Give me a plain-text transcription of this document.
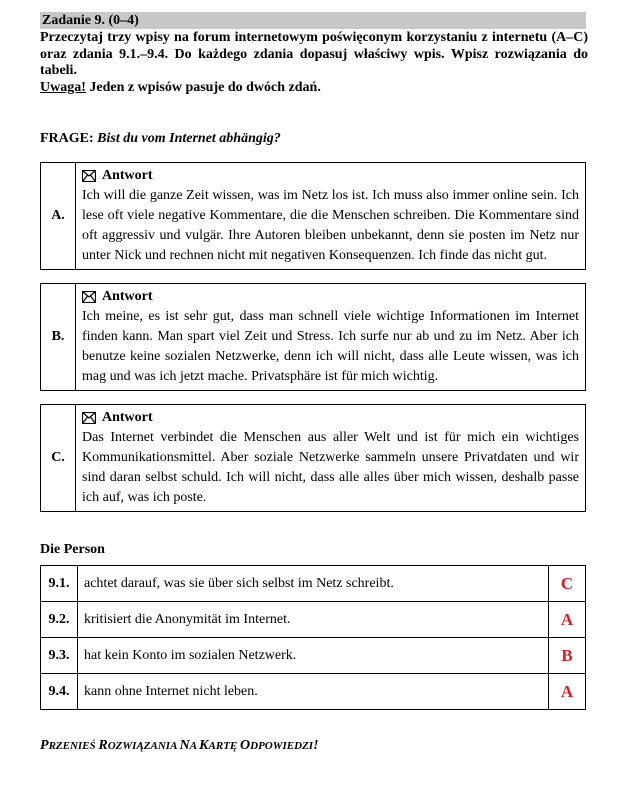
Zadanie 9. (0–4)

Przeczytaj trzy wpisy na forum internetowym poświęconym korzystaniu z internetu (A–C) oraz zdania 9.1.–9.4. Do każdego zdania dopasuj właściwy wpis. Wpisz rozwiązania do tabeli.

Uwaga! Jeden z wpisów pasuje do dwóch zdań.

FRAGE: Bist du vom Internet abhängig?
A.	
Antwort
Ich will die ganze Zeit wissen, was im Netz los ist. Ich muss also immer online sein. Ich lese oft viele negative Kommentare, die die Menschen schreiben. Die Kommentare sind oft aggressiv und vulgär. Ihre Autoren bleiben unbekannt, denn sie posten im Netz nur unter Nick und rechnen nicht mit negativen Konsequenzen. Ich finde das nicht gut.
B.	
Antwort
Ich meine, es ist sehr gut, dass man schnell viele wichtige Informationen im Internet finden kann. Man spart viel Zeit und Stress. Ich surfe nur ab und zu im Netz. Aber ich benutze keine sozialen Netzwerke, denn ich will nicht, dass alle Leute wissen, was ich mag und was ich jetzt mache. Privatsphäre ist für mich wichtig.
C.	
Antwort
Das Internet verbindet die Menschen aus aller Welt und ist für mich ein wichtiges Kommunikationsmittel. Aber soziale Netzwerke sammeln unsere Privatdaten und wir sind daran selbst schuld. Ich will nicht, dass alle alles über mich wissen, deshalb passe ich auf, was ich poste.
Die Person
9.1.	achtet darauf, was sie über sich selbst im Netz schreibt.	C
9.2.	kritisiert die Anonymität im Internet.	A
9.3.	hat kein Konto im sozialen Netzwerk.	B
9.4.	kann ohne Internet nicht leben.	A
PRZENIEŚ ROZWIĄZANIA NA KARTĘ ODPOWIEDZI!
